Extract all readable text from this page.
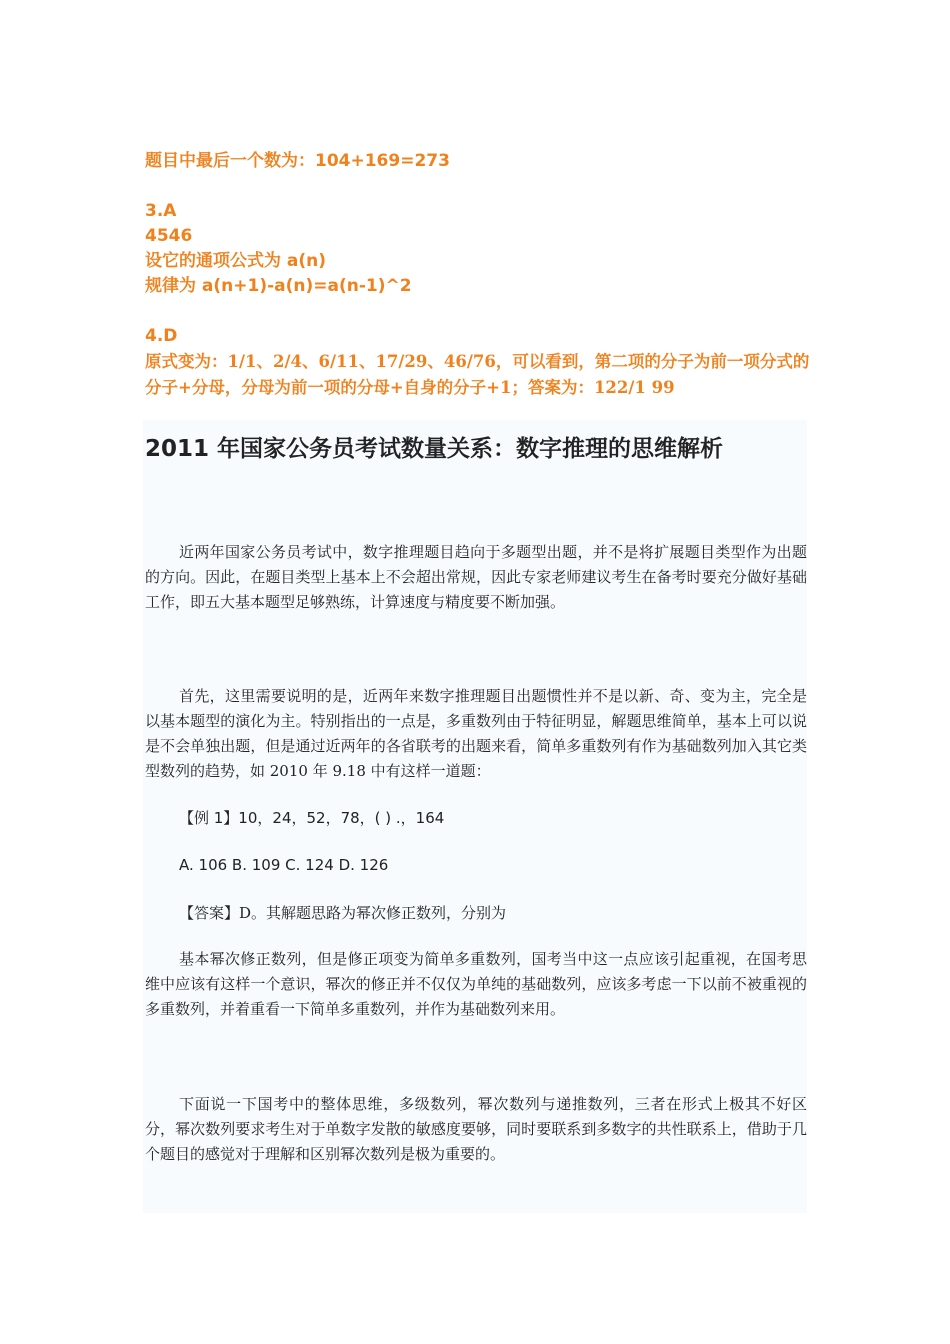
题目中最后一个数为：104+169=273
3.A
4546
设它的通项公式为 a(n)
规律为 a(n+1)-a(n)=a(n-1)^2
4.D
原式变为：1/1、2/4、6/11、17/29、46/76，可以看到，第二项的分子为前一项分式的分子+分母，分母为前一项的分母+自身的分子+1；答案为：122/1 99
2011 年国家公务员考试数量关系：数字推理的思维解析
近两年国家公务员考试中，数字推理题目趋向于多题型出题，并不是将扩展题目类型作为出题的方向。因此，在题目类型上基本上不会超出常规，因此专家老师建议考生在备考时要充分做好基础工作，即五大基本题型足够熟练，计算速度与精度要不断加强。
首先，这里需要说明的是，近两年来数字推理题目出题惯性并不是以新、奇、变为主，完全是以基本题型的演化为主。特别指出的一点是，多重数列由于特征明显，解题思维简单，基本上可以说是不会单独出题，但是通过近两年的各省联考的出题来看，简单多重数列有作为基础数列加入其它类型数列的趋势，如 2010 年 9.18 中有这样一道题：
【例 1】10，24，52，78，( ) .，164
A. 106 B. 109 C. 124 D. 126
【答案】D。其解题思路为幂次修正数列，分别为
基本幂次修正数列，但是修正项变为简单多重数列，国考当中这一点应该引起重视，在国考思维中应该有这样一个意识，幂次的修正并不仅仅为单纯的基础数列，应该多考虑一下以前不被重视的多重数列，并着重看一下简单多重数列，并作为基础数列来用。
下面说一下国考中的整体思维，多级数列，幂次数列与递推数列，三者在形式上极其不好区分，幂次数列要求考生对于单数字发散的敏感度要够，同时要联系到多数字的共性联系上，借助于几个题目的感觉对于理解和区别幂次数列是极为重要的。
